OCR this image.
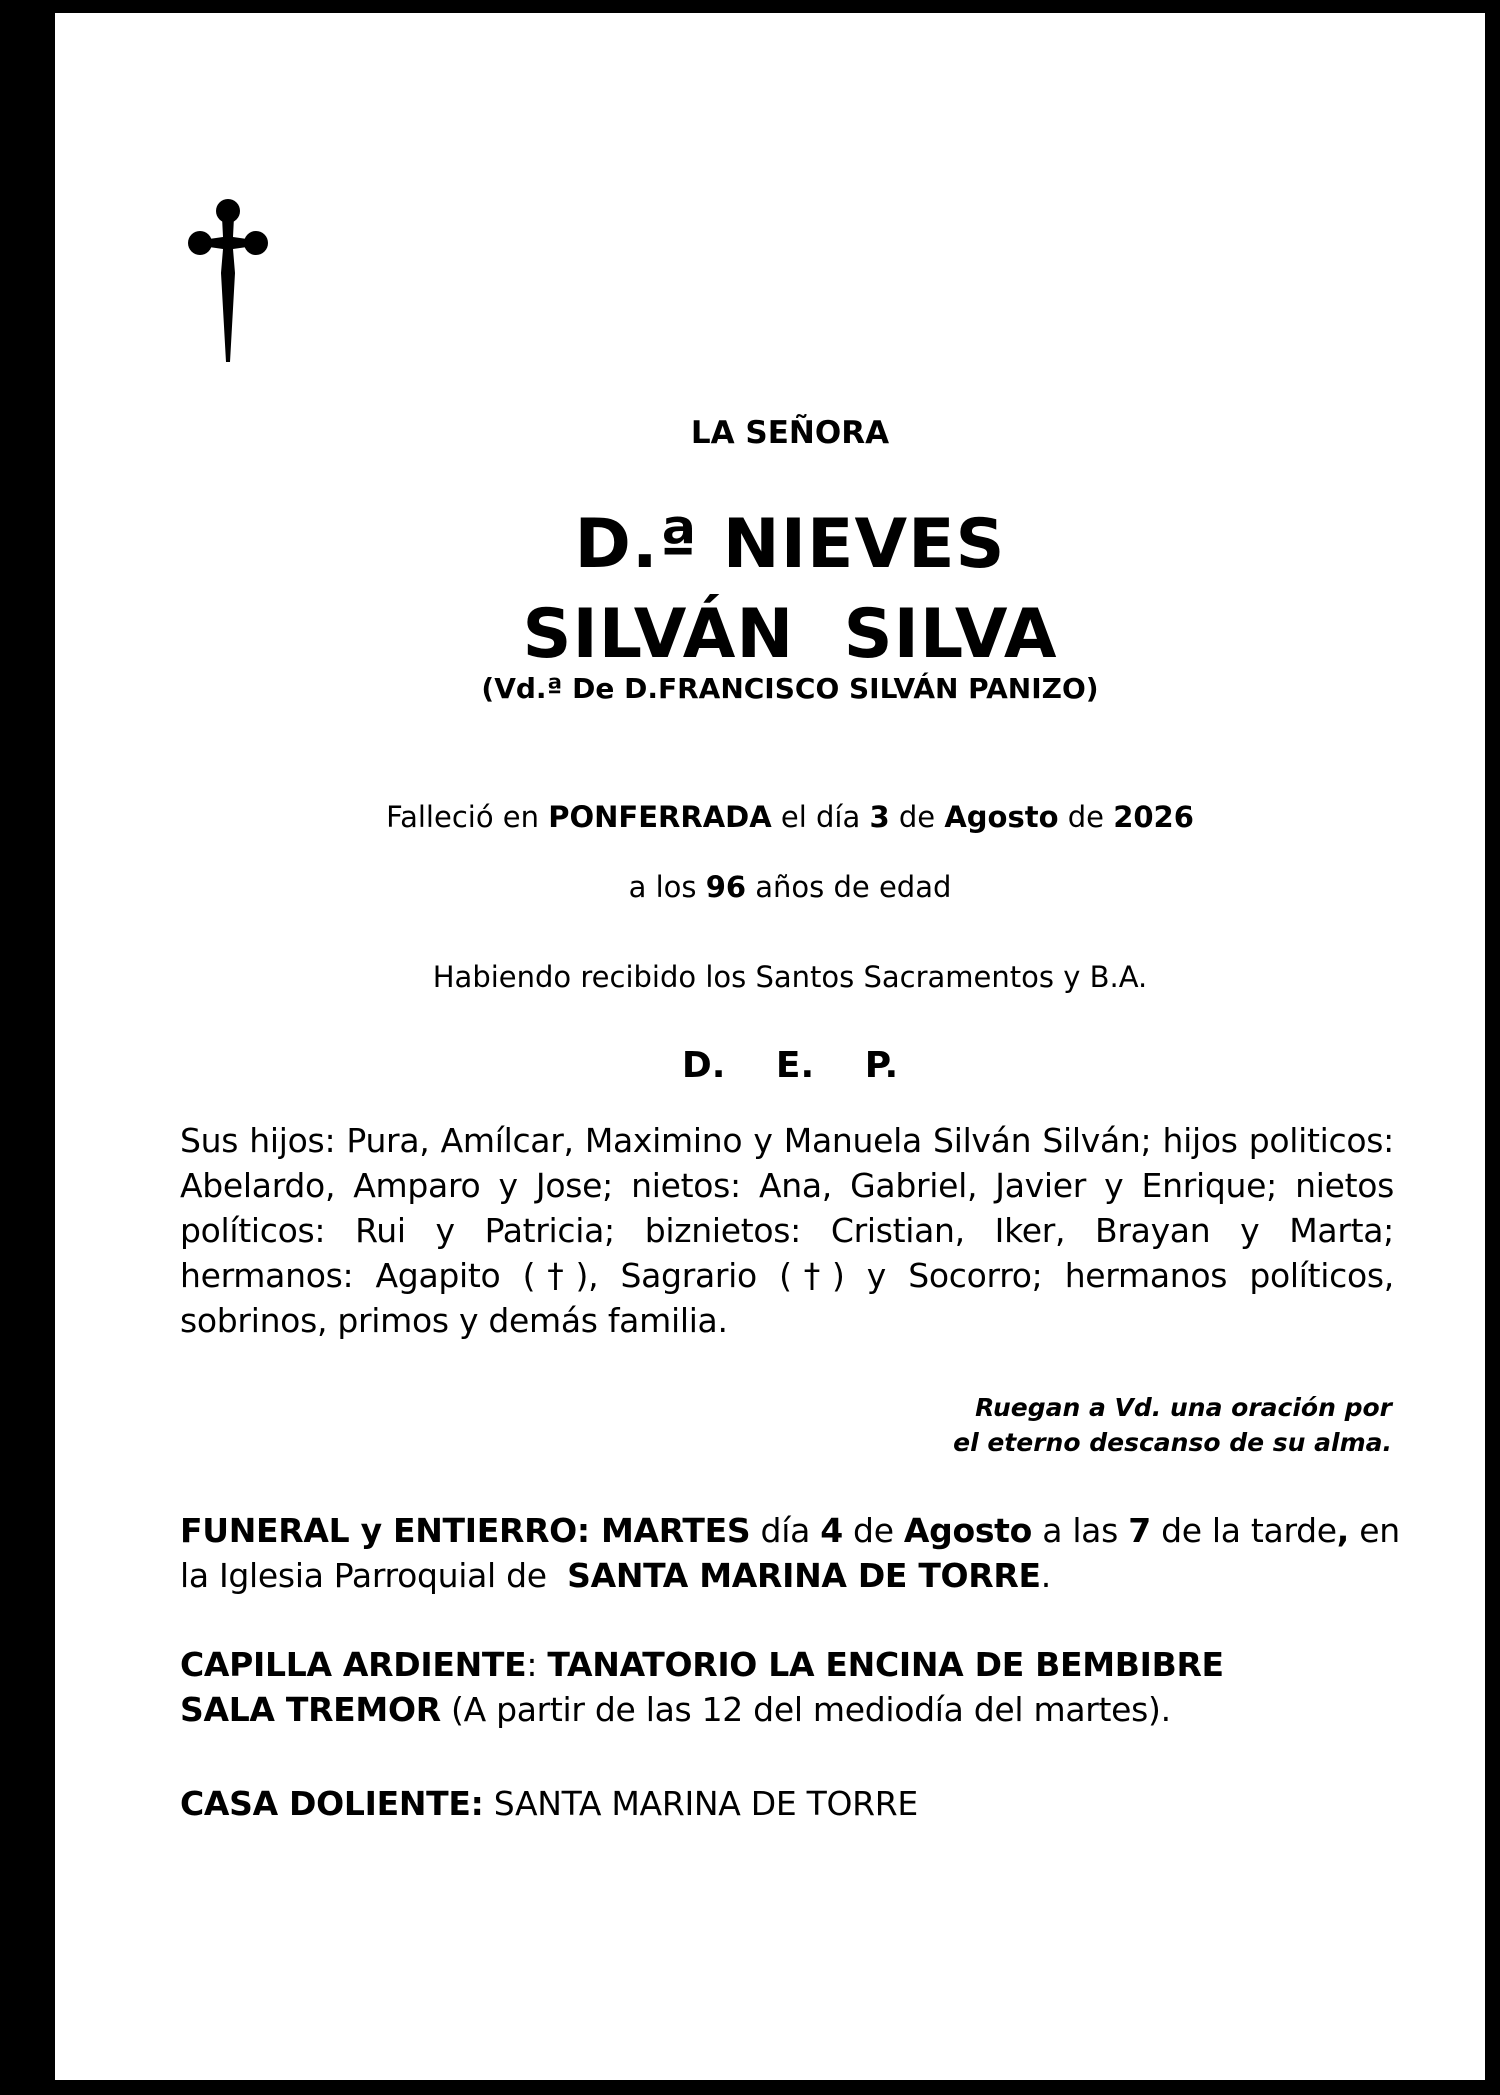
LA SEÑORA
D.ª NIEVES
SILVÁN  SILVA
(Vd.ª De D.FRANCISCO SILVÁN PANIZO)
Falleció en PONFERRADA el día 3 de Agosto de 2026
a los 96 años de edad
Habiendo recibido los Santos Sacramentos y B.A.
D. E. P.
Sus hijos: Pura, Amílcar, Maximino y Manuela Silván Silván; hijos politicos: Abelardo, Amparo y Jose; nietos: Ana, Gabriel, Javier y Enrique; nietos políticos: Rui y Patricia; biznietos: Cristian, Iker, Brayan y Marta; hermanos: Agapito (†), Sagrario (†) y Socorro; hermanos políticos, sobrinos, primos y demás familia.
Ruegan a Vd. una oración por
el eterno descanso de su alma.
FUNERAL y ENTIERRO: MARTES día 4 de Agosto a las 7 de la tarde, en la Iglesia Parroquial de  SANTA MARINA DE TORRE.
CAPILLA ARDIENTE: TANATORIO LA ENCINA DE BEMBIBRE
SALA TREMOR (A partir de las 12 del mediodía del martes).
CASA DOLIENTE: SANTA MARINA DE TORRE
